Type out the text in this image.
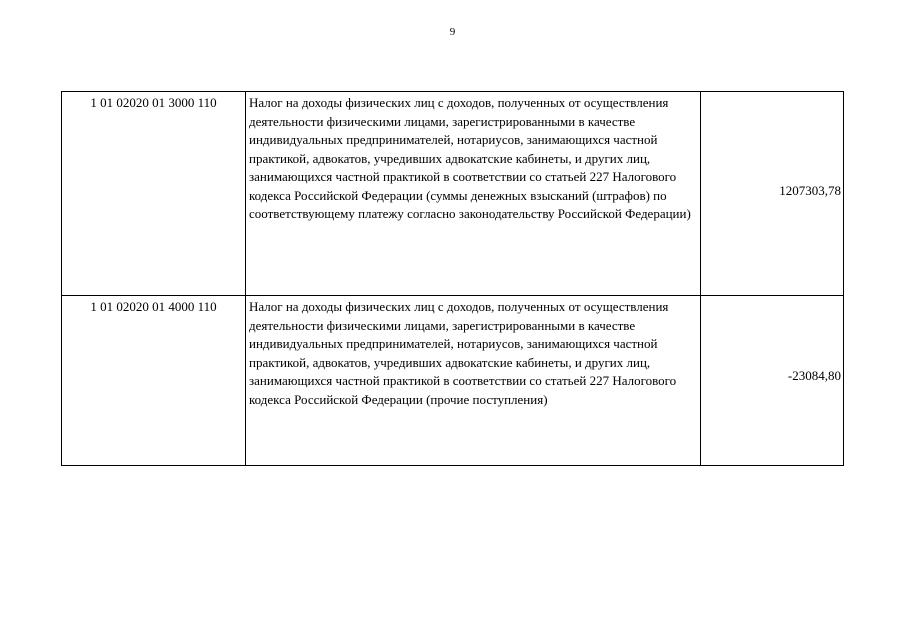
9
1 01 02020 01 3000 110	Налог на доходы физических лиц с доходов, полученных от осуществления деятельности физическими лицами, зарегистрированными в качестве индивидуальных предпринимателей, нотариусов, занимающихся частной практикой, адвокатов, учредивших адвокатские кабинеты, и других лиц, занимающихся частной практикой в соответствии со статьей 227 Налогового кодекса Российской Федерации (суммы денежных взысканий (штрафов) по соответствующему платежу согласно законодательству Российской Федерации)	1207303,78
1 01 02020 01 4000 110	Налог на доходы физических лиц с доходов, полученных от осуществления деятельности физическими лицами, зарегистрированными в качестве индивидуальных предпринимателей, нотариусов, занимающихся частной практикой, адвокатов, учредивших адвокатские кабинеты, и других лиц, занимающихся частной практикой в соответствии со статьей 227 Налогового кодекса Российской Федерации (прочие поступления)	-23084,80
